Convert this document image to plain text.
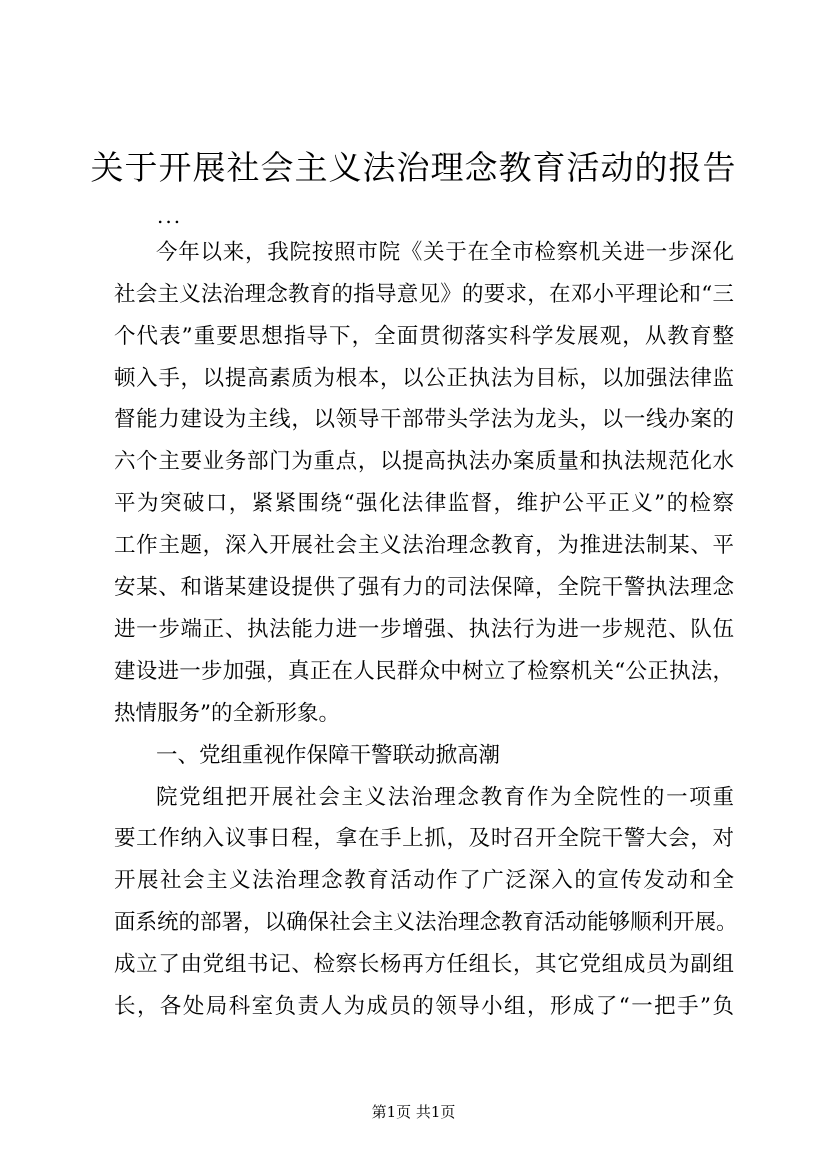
关于开展社会主义法治理念教育活动的报告
...
今年以来，我院按照市院《关于在全市检察机关进一步深化
社会主义法治理念教育的指导意见》的要求，在邓小平理论和“三
个代表”重要思想指导下，全面贯彻落实科学发展观，从教育整
顿入手，以提高素质为根本，以公正执法为目标，以加强法律监
督能力建设为主线，以领导干部带头学法为龙头，以一线办案的
六个主要业务部门为重点，以提高执法办案质量和执法规范化水
平为突破口，紧紧围绕“强化法律监督，维护公平正义”的检察
工作主题，深入开展社会主义法治理念教育，为推进法制某、平
安某、和谐某建设提供了强有力的司法保障，全院干警执法理念
进一步端正、执法能力进一步增强、执法行为进一步规范、队伍
建设进一步加强，真正在人民群众中树立了检察机关“公正执法，
热情服务”的全新形象。
一、党组重视作保障干警联动掀高潮
院党组把开展社会主义法治理念教育作为全院性的一项重
要工作纳入议事日程，拿在手上抓，及时召开全院干警大会，对
开展社会主义法治理念教育活动作了广泛深入的宣传发动和全
面系统的部署，以确保社会主义法治理念教育活动能够顺利开展。
成立了由党组书记、检察长杨再方任组长，其它党组成员为副组
长，各处局科室负责人为成员的领导小组，形成了“一把手”负
第1页 共1页
